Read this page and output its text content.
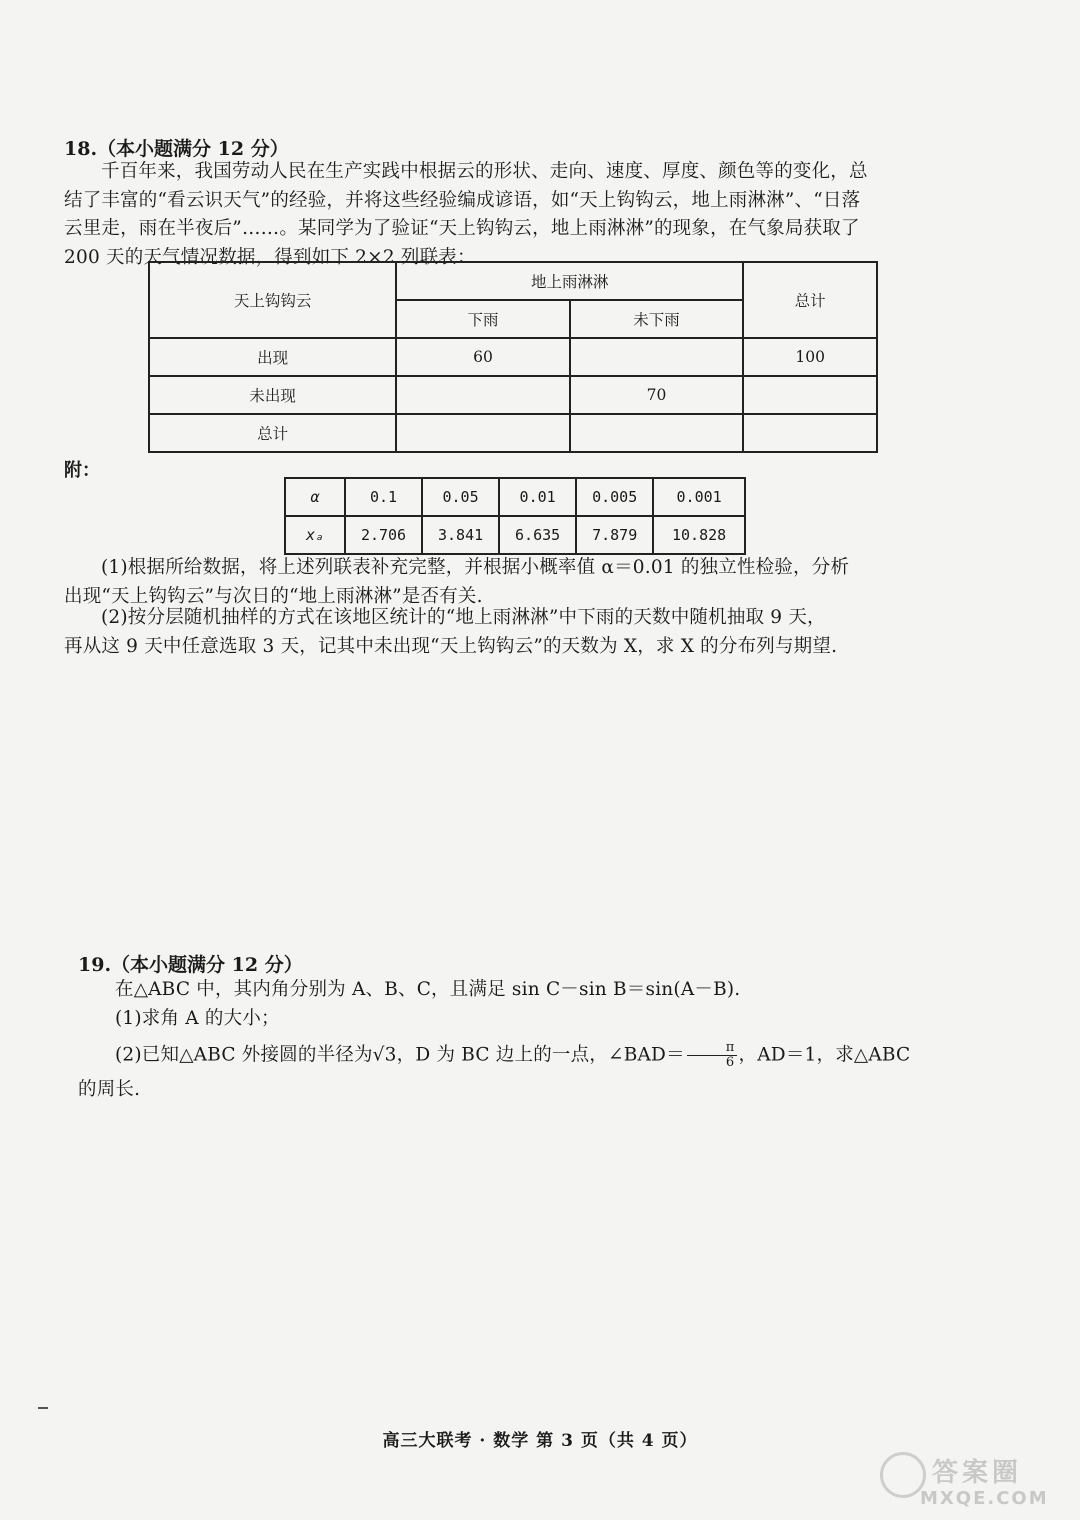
18.（本小题满分 12 分）

千百年来，我国劳动人民在生产实践中根据云的形状、走向、速度、厚度、颜色等的变化，总

结了丰富的“看云识天气”的经验，并将这些经验编成谚语，如“天上钩钩云，地上雨淋淋”、“日落

云里走，雨在半夜后”……。某同学为了验证“天上钩钩云，地上雨淋淋”的现象，在气象局获取了

200 天的天气情况数据，得到如下 2×2 列联表：

天上钩钩云	地上雨淋淋		总计
	下雨	未下雨	
出现	60		100
未出现		70	
总计			
附：
α	0.1	0.05	0.01	0.005	0.001
xₐ	2.706	3.841	6.635	7.879	10.828

(1)根据所给数据，将上述列联表补充完整，并根据小概率值 α＝0.01 的独立性检验，分析

出现“天上钩钩云”与次日的“地上雨淋淋”是否有关.

(2)按分层随机抽样的方式在该地区统计的“地上雨淋淋”中下雨的天数中随机抽取 9 天，

再从这 9 天中任意选取 3 天，记其中未出现“天上钩钩云”的天数为 X，求 X 的分布列与期望.

19.（本小题满分 12 分）

在△ABC 中，其内角分别为 A、B、C，且满足 sin C－sin B＝sin(A－B).

(1)求角 A 的大小；

(2)已知△ABC 外接圆的半径为√3，D 为 BC 边上的一点，∠BAD＝ $\frac{\pi}{6}$ ，AD＝1，求△ABC

的周长.

高三大联考 · 数学 第 3 页（共 4 页）
答案圈
MXQE.COM
